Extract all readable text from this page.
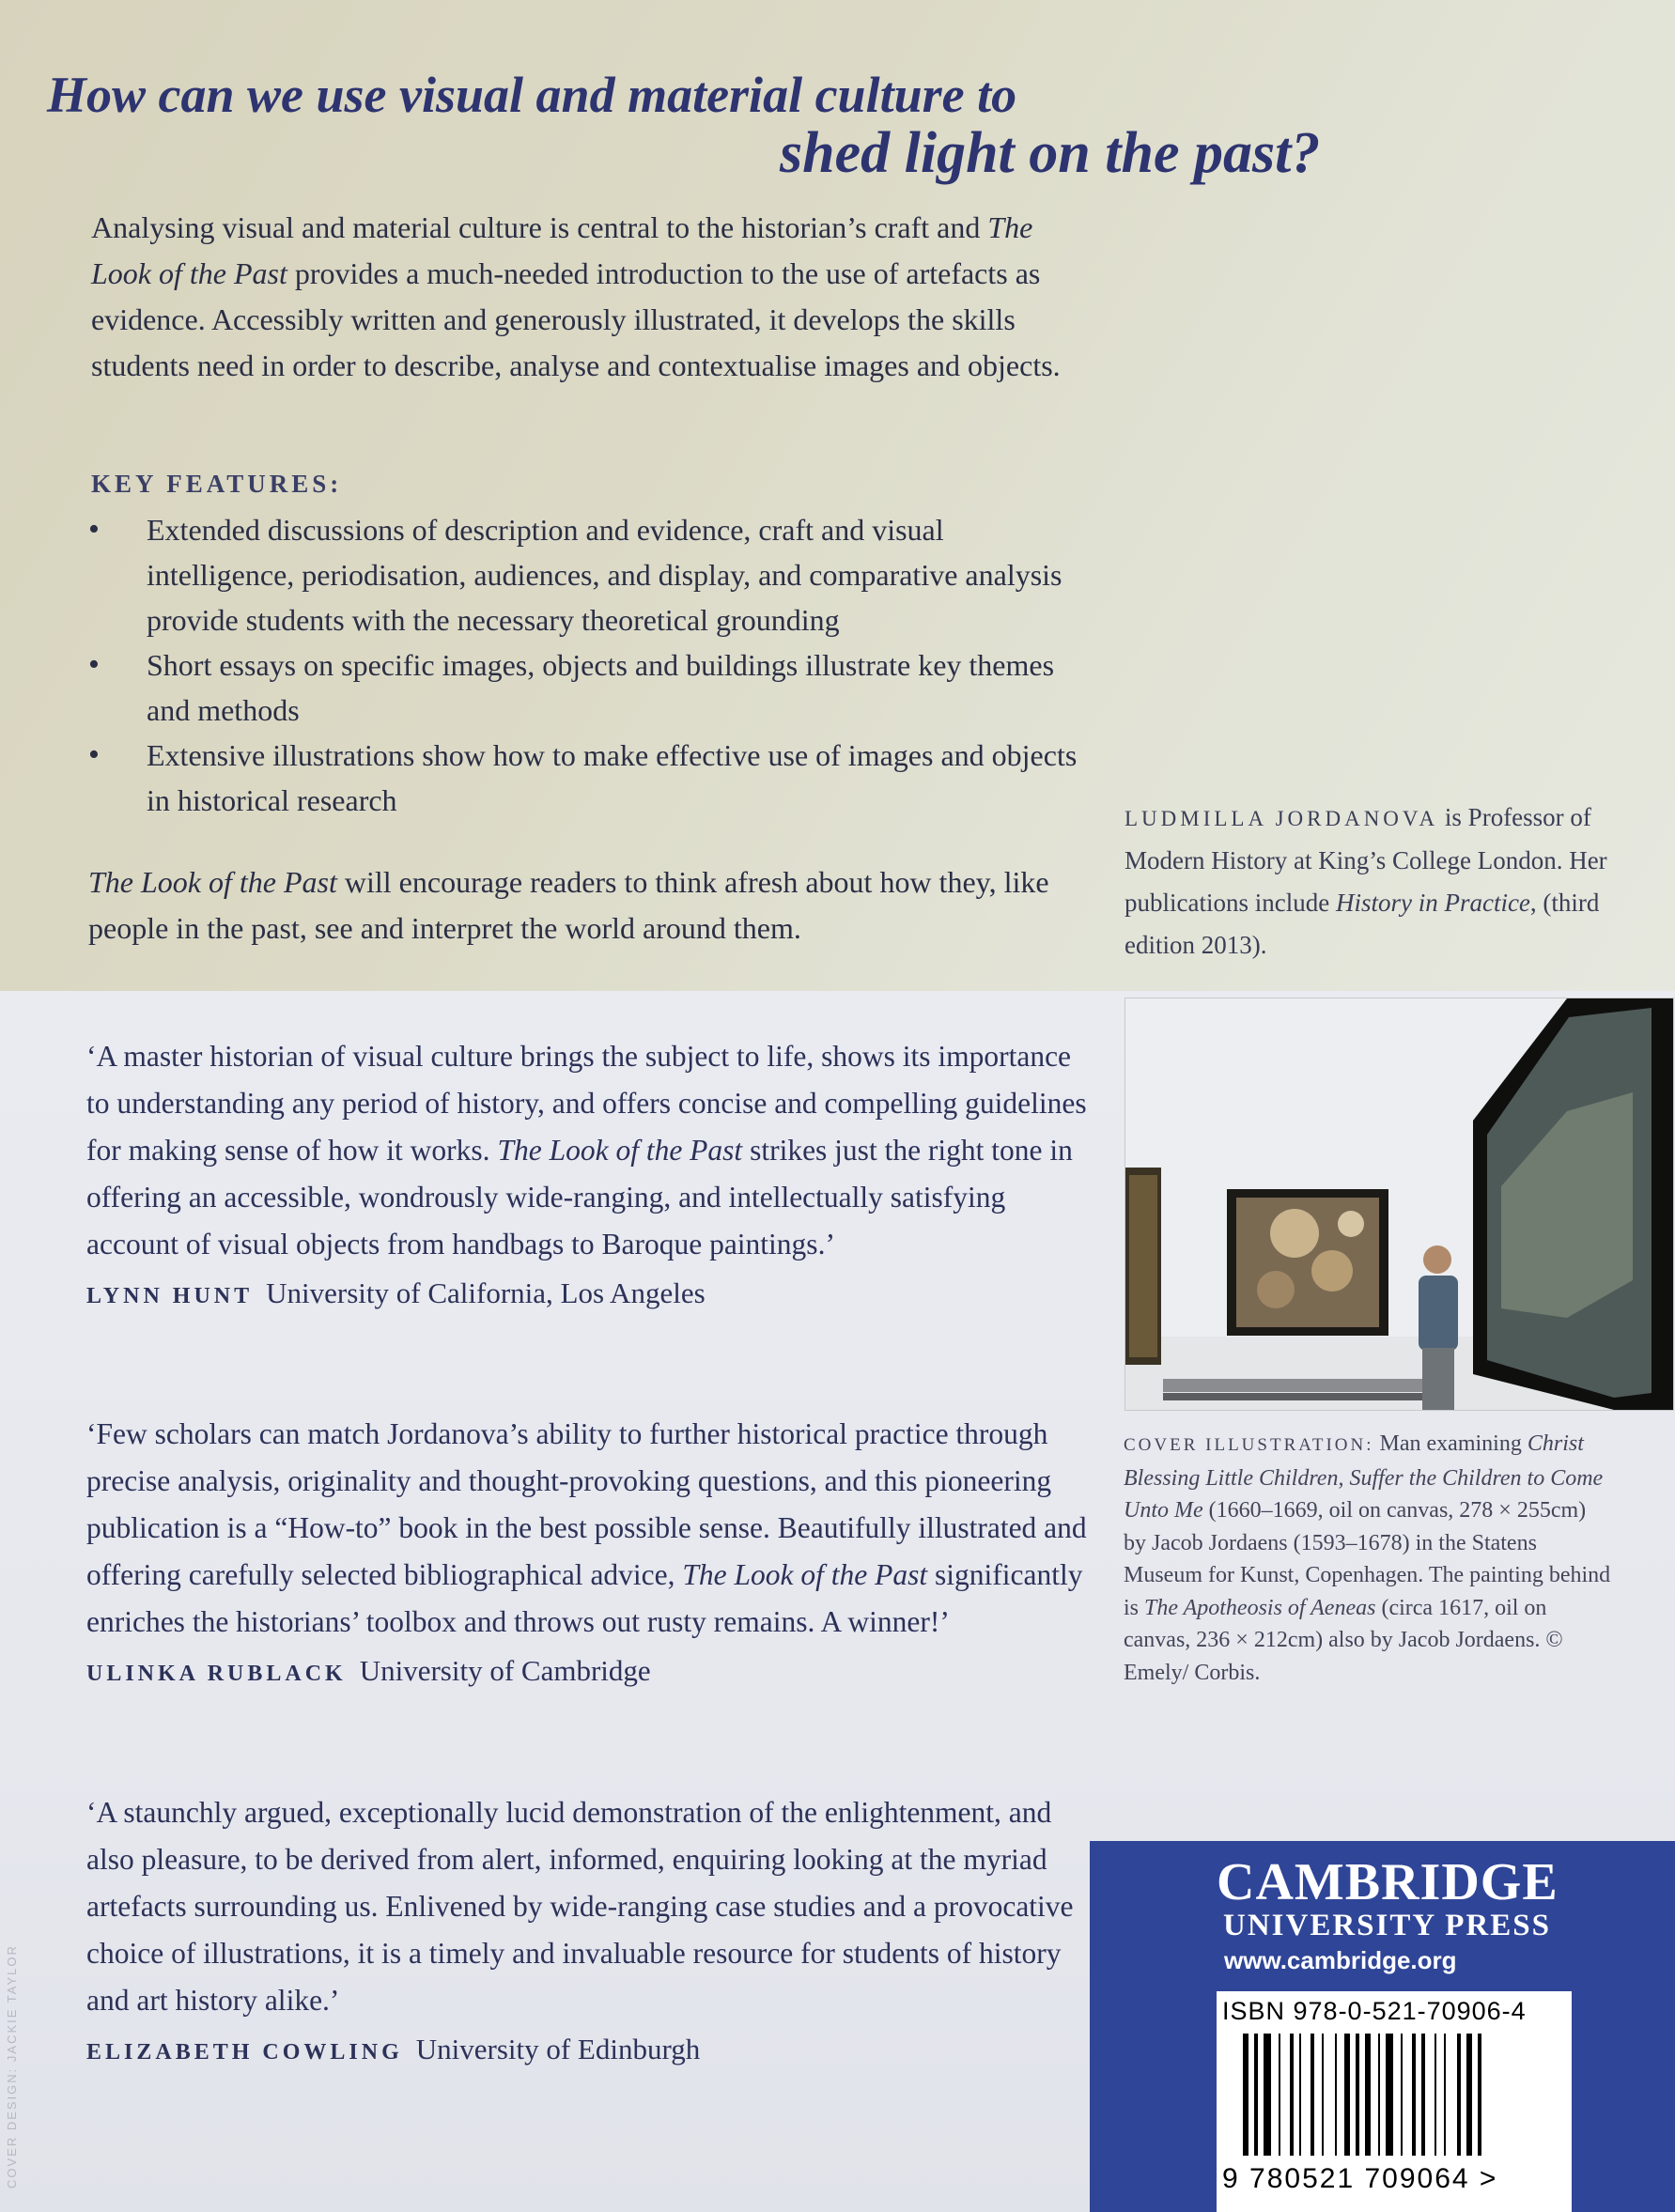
How can we use visual and material culture to
shed light on the past?
Analysing visual and material culture is central to the historian’s craft and The Look of the Past provides a much-needed introduction to the use of artefacts as evidence. Accessibly written and generously illustrated, it develops the skills students need in order to describe, analyse and contextualise images and objects.
KEY FEATURES:
• Extended discussions of description and evidence, craft and visual intelligence, periodisation, audiences, and display, and comparative analysis provide students with the necessary theoretical grounding
• Short essays on specific images, objects and buildings illustrate key themes and methods
• Extensive illustrations show how to make effective use of images and objects in historical research
The Look of the Past will encourage readers to think afresh about how they, like people in the past, see and interpret the world around them.
LUDMILLA JORDANOVA is Professor of Modern History at King’s College London. Her publications include History in Practice, (third edition 2013).
‘A master historian of visual culture brings the subject to life, shows its importance to understanding any period of history, and offers concise and compelling guidelines for making sense of how it works. The Look of the Past strikes just the right tone in offering an accessible, wondrously wide-ranging, and intellectually satisfying account of visual objects from handbags to Baroque paintings.’
LYNN HUNT University of California, Los Angeles
‘Few scholars can match Jordanova’s ability to further historical practice through precise analysis, originality and thought-provoking questions, and this pioneering publication is a “How-to” book in the best possible sense. Beautifully illustrated and offering carefully selected bibliographical advice, The Look of the Past significantly enriches the historians’ toolbox and throws out rusty remains. A winner!’
ULINKA RUBLACK University of Cambridge
‘A staunchly argued, exceptionally lucid demonstration of the enlightenment, and also pleasure, to be derived from alert, informed, enquiring looking at the myriad artefacts surrounding us. Enlivened by wide-ranging case studies and a provocative choice of illustrations, it is a timely and invaluable resource for students of history and art history alike.’
ELIZABETH COWLING University of Edinburgh
COVER ILLUSTRATION: Man examining Christ Blessing Little Children, Suffer the Children to Come Unto Me (1660–1669, oil on canvas, 278 × 255cm) by Jacob Jordaens (1593–1678) in the Statens Museum for Kunst, Copenhagen. The painting behind is The Apotheosis of Aeneas (circa 1617, oil on canvas, 236 × 212cm) also by Jacob Jordaens. © Emely/ Corbis.
CAMBRIDGE
UNIVERSITY PRESS
www.cambridge.org
ISBN 978-0-521-70906-4
9 780521 709064 >
COVER DESIGN: JACKIE TAYLOR
